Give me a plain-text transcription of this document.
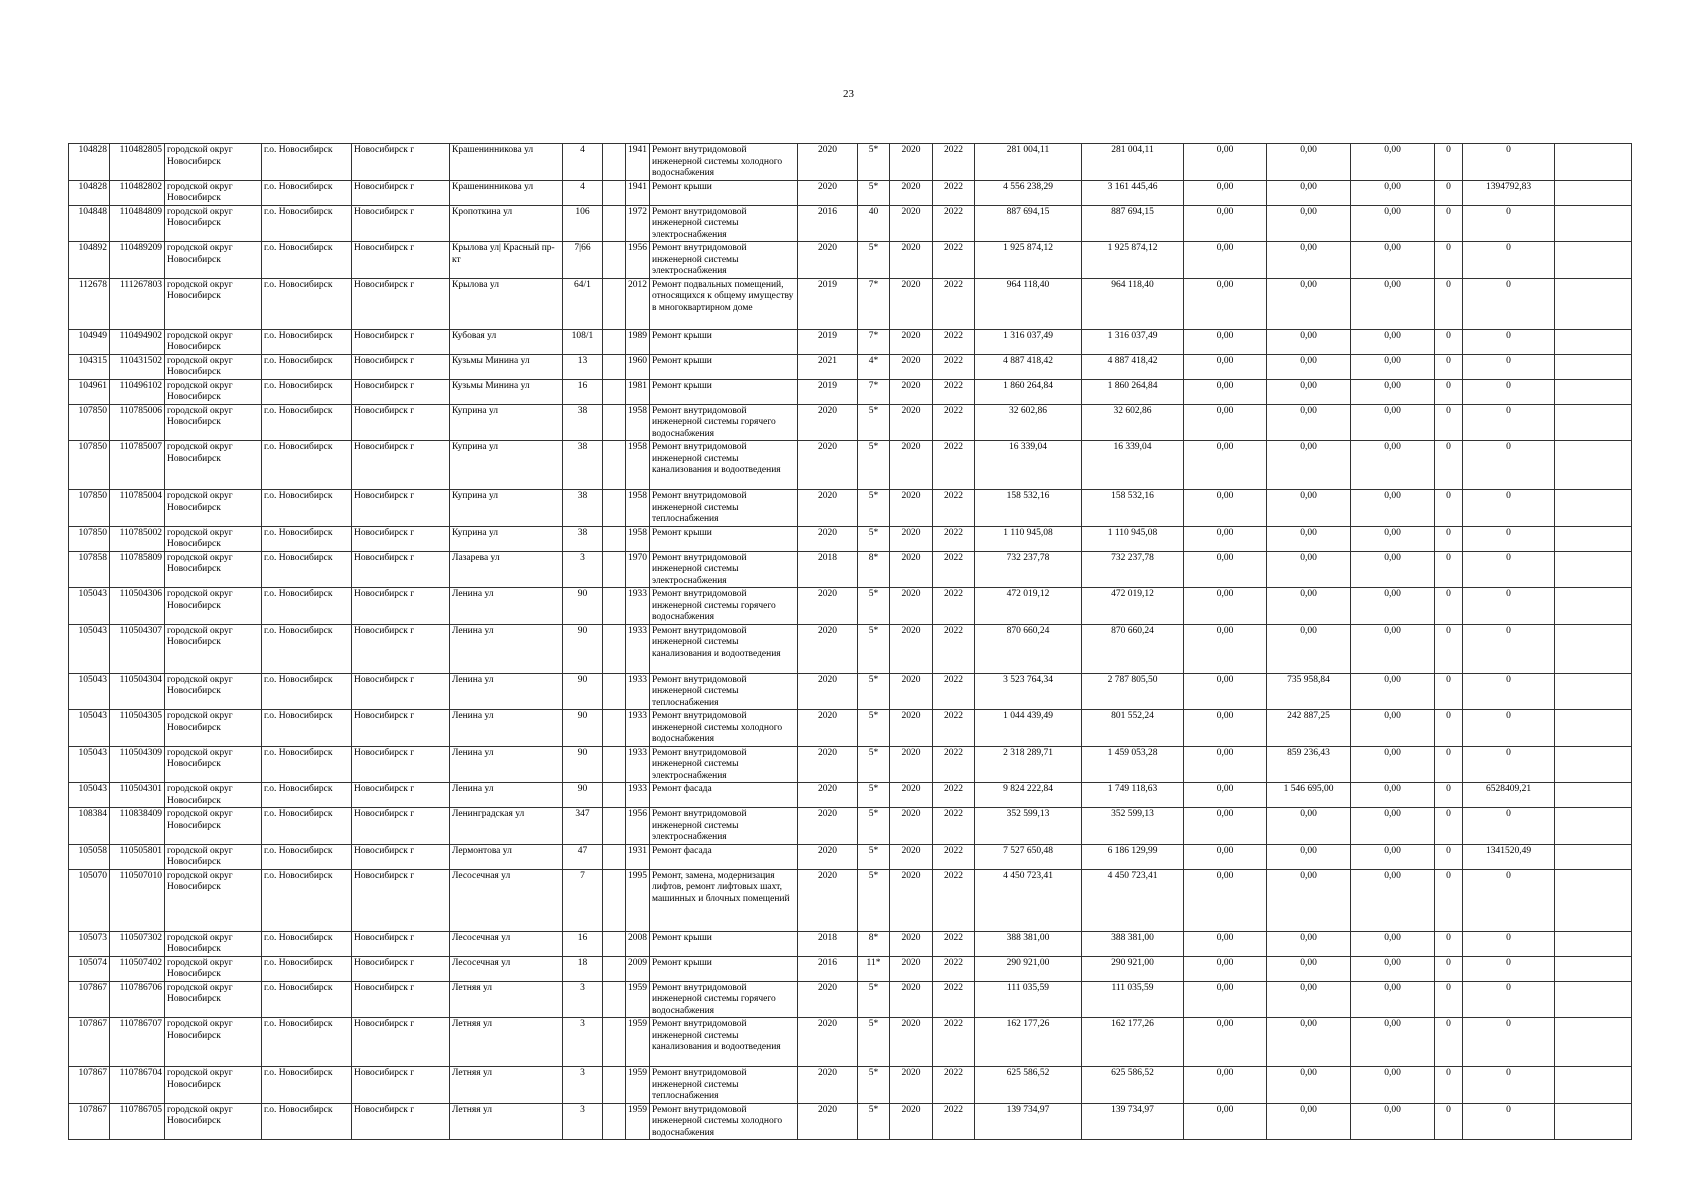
23
104828	110482805	городской округ Новосибирск	г.о. Новосибирск	Новосибирск г	Крашенинникова ул	4		1941	Ремонт внутридомовой инженерной системы холодного водоснабжения	2020	5*	2020	2022	281 004,11	281 004,11	0,00	0,00	0,00	0	0	
104828	110482802	городской округ Новосибирск	г.о. Новосибирск	Новосибирск г	Крашенинникова ул	4		1941	Ремонт крыши	2020	5*	2020	2022	4 556 238,29	3 161 445,46	0,00	0,00	0,00	0	1394792,83	
104848	110484809	городской округ Новосибирск	г.о. Новосибирск	Новосибирск г	Кропоткина ул	106		1972	Ремонт внутридомовой инженерной системы электроснабжения	2016	40	2020	2022	887 694,15	887 694,15	0,00	0,00	0,00	0	0	
104892	110489209	городской округ Новосибирск	г.о. Новосибирск	Новосибирск г	Крылова ул| Красный пр-кт	7|66		1956	Ремонт внутридомовой инженерной системы электроснабжения	2020	5*	2020	2022	1 925 874,12	1 925 874,12	0,00	0,00	0,00	0	0	
112678	111267803	городской округ Новосибирск	г.о. Новосибирск	Новосибирск г	Крылова ул	64/1		2012	Ремонт подвальных помещений, относящихся к общему имуществу в многоквартирном доме	2019	7*	2020	2022	964 118,40	964 118,40	0,00	0,00	0,00	0	0	
104949	110494902	городской округ Новосибирск	г.о. Новосибирск	Новосибирск г	Кубовая ул	108/1		1989	Ремонт крыши	2019	7*	2020	2022	1 316 037,49	1 316 037,49	0,00	0,00	0,00	0	0	
104315	110431502	городской округ Новосибирск	г.о. Новосибирск	Новосибирск г	Кузьмы Минина ул	13		1960	Ремонт крыши	2021	4*	2020	2022	4 887 418,42	4 887 418,42	0,00	0,00	0,00	0	0	
104961	110496102	городской округ Новосибирск	г.о. Новосибирск	Новосибирск г	Кузьмы Минина ул	16		1981	Ремонт крыши	2019	7*	2020	2022	1 860 264,84	1 860 264,84	0,00	0,00	0,00	0	0	
107850	110785006	городской округ Новосибирск	г.о. Новосибирск	Новосибирск г	Куприна ул	38		1958	Ремонт внутридомовой инженерной системы горячего водоснабжения	2020	5*	2020	2022	32 602,86	32 602,86	0,00	0,00	0,00	0	0	
107850	110785007	городской округ Новосибирск	г.о. Новосибирск	Новосибирск г	Куприна ул	38		1958	Ремонт внутридомовой инженерной системы канализования и водоотведения	2020	5*	2020	2022	16 339,04	16 339,04	0,00	0,00	0,00	0	0	
107850	110785004	городской округ Новосибирск	г.о. Новосибирск	Новосибирск г	Куприна ул	38		1958	Ремонт внутридомовой инженерной системы теплоснабжения	2020	5*	2020	2022	158 532,16	158 532,16	0,00	0,00	0,00	0	0	
107850	110785002	городской округ Новосибирск	г.о. Новосибирск	Новосибирск г	Куприна ул	38		1958	Ремонт крыши	2020	5*	2020	2022	1 110 945,08	1 110 945,08	0,00	0,00	0,00	0	0	
107858	110785809	городской округ Новосибирск	г.о. Новосибирск	Новосибирск г	Лазарева ул	3		1970	Ремонт внутридомовой инженерной системы электроснабжения	2018	8*	2020	2022	732 237,78	732 237,78	0,00	0,00	0,00	0	0	
105043	110504306	городской округ Новосибирск	г.о. Новосибирск	Новосибирск г	Ленина ул	90		1933	Ремонт внутридомовой инженерной системы горячего водоснабжения	2020	5*	2020	2022	472 019,12	472 019,12	0,00	0,00	0,00	0	0	
105043	110504307	городской округ Новосибирск	г.о. Новосибирск	Новосибирск г	Ленина ул	90		1933	Ремонт внутридомовой инженерной системы канализования и водоотведения	2020	5*	2020	2022	870 660,24	870 660,24	0,00	0,00	0,00	0	0	
105043	110504304	городской округ Новосибирск	г.о. Новосибирск	Новосибирск г	Ленина ул	90		1933	Ремонт внутридомовой инженерной системы теплоснабжения	2020	5*	2020	2022	3 523 764,34	2 787 805,50	0,00	735 958,84	0,00	0	0	
105043	110504305	городской округ Новосибирск	г.о. Новосибирск	Новосибирск г	Ленина ул	90		1933	Ремонт внутридомовой инженерной системы холодного водоснабжения	2020	5*	2020	2022	1 044 439,49	801 552,24	0,00	242 887,25	0,00	0	0	
105043	110504309	городской округ Новосибирск	г.о. Новосибирск	Новосибирск г	Ленина ул	90		1933	Ремонт внутридомовой инженерной системы электроснабжения	2020	5*	2020	2022	2 318 289,71	1 459 053,28	0,00	859 236,43	0,00	0	0	
105043	110504301	городской округ Новосибирск	г.о. Новосибирск	Новосибирск г	Ленина ул	90		1933	Ремонт фасада	2020	5*	2020	2022	9 824 222,84	1 749 118,63	0,00	1 546 695,00	0,00	0	6528409,21	
108384	110838409	городской округ Новосибирск	г.о. Новосибирск	Новосибирск г	Ленинградская ул	347		1956	Ремонт внутридомовой инженерной системы электроснабжения	2020	5*	2020	2022	352 599,13	352 599,13	0,00	0,00	0,00	0	0	
105058	110505801	городской округ Новосибирск	г.о. Новосибирск	Новосибирск г	Лермонтова ул	47		1931	Ремонт фасада	2020	5*	2020	2022	7 527 650,48	6 186 129,99	0,00	0,00	0,00	0	1341520,49	
105070	110507010	городской округ Новосибирск	г.о. Новосибирск	Новосибирск г	Лесосечная ул	7		1995	Ремонт, замена, модернизация лифтов, ремонт лифтовых шахт, машинных и блочных помещений	2020	5*	2020	2022	4 450 723,41	4 450 723,41	0,00	0,00	0,00	0	0	
105073	110507302	городской округ Новосибирск	г.о. Новосибирск	Новосибирск г	Лесосечная ул	16		2008	Ремонт крыши	2018	8*	2020	2022	388 381,00	388 381,00	0,00	0,00	0,00	0	0	
105074	110507402	городской округ Новосибирск	г.о. Новосибирск	Новосибирск г	Лесосечная ул	18		2009	Ремонт крыши	2016	11*	2020	2022	290 921,00	290 921,00	0,00	0,00	0,00	0	0	
107867	110786706	городской округ Новосибирск	г.о. Новосибирск	Новосибирск г	Летняя ул	3		1959	Ремонт внутридомовой инженерной системы горячего водоснабжения	2020	5*	2020	2022	111 035,59	111 035,59	0,00	0,00	0,00	0	0	
107867	110786707	городской округ Новосибирск	г.о. Новосибирск	Новосибирск г	Летняя ул	3		1959	Ремонт внутридомовой инженерной системы канализования и водоотведения	2020	5*	2020	2022	162 177,26	162 177,26	0,00	0,00	0,00	0	0	
107867	110786704	городской округ Новосибирск	г.о. Новосибирск	Новосибирск г	Летняя ул	3		1959	Ремонт внутридомовой инженерной системы теплоснабжения	2020	5*	2020	2022	625 586,52	625 586,52	0,00	0,00	0,00	0	0	
107867	110786705	городской округ Новосибирск	г.о. Новосибирск	Новосибирск г	Летняя ул	3		1959	Ремонт внутридомовой инженерной системы холодного водоснабжения	2020	5*	2020	2022	139 734,97	139 734,97	0,00	0,00	0,00	0	0	
